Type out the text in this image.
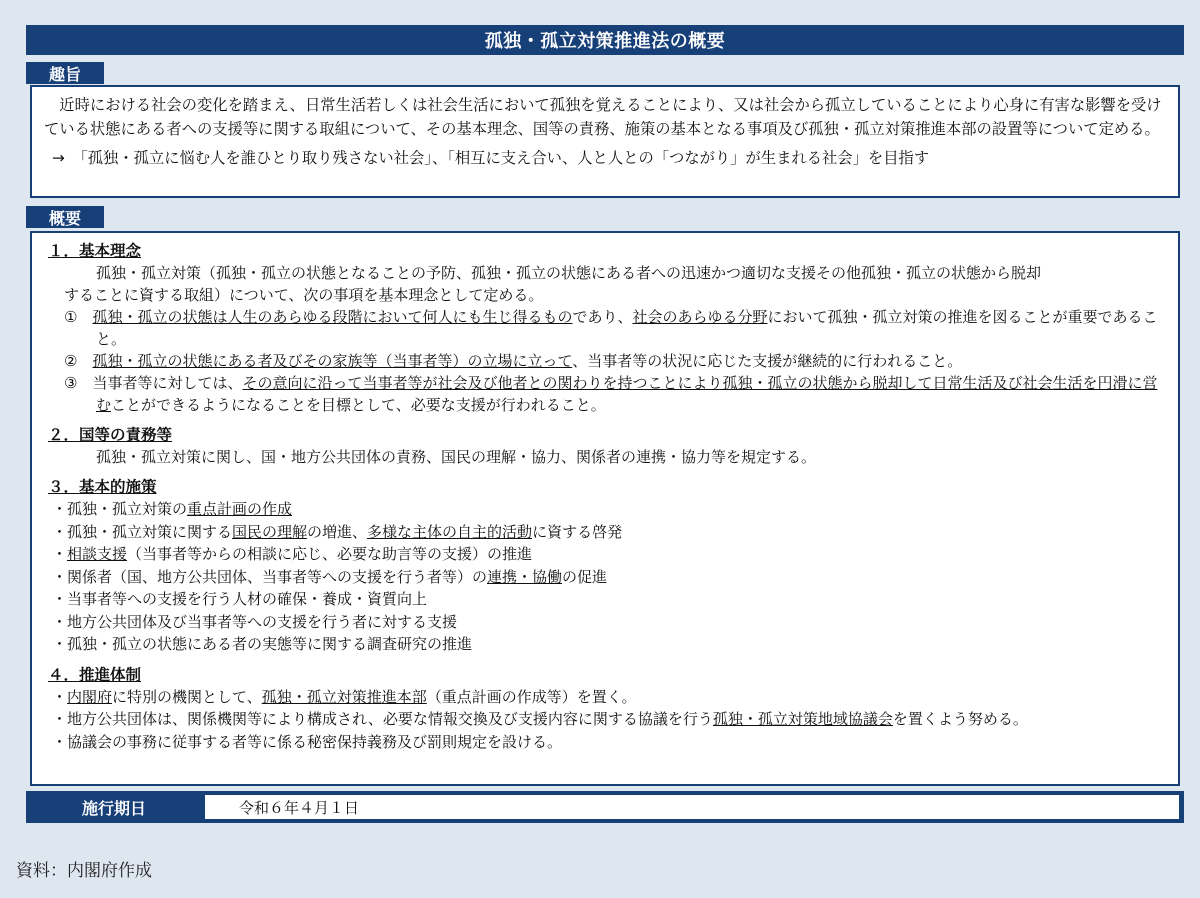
孤独・孤立対策推進法の概要
趣旨

　近時における社会の変化を踏まえ、日常生活若しくは社会生活において孤独を覚えることにより、又は社会から孤立していることにより心身に有害な影響を受けている状態にある者への支援等に関する取組について、その基本理念、国等の責務、施策の基本となる事項及び孤独・孤立対策推進本部の設置等について定める。

→　「孤独・孤立に悩む人を誰ひとり取り残さない社会」、「相互に支え合い、人と人との「つながり」が生まれる社会」を目指す

概要
１．基本理念
孤独・孤立対策（孤独・孤立の状態となることの予防、孤独・孤立の状態にある者への迅速かつ適切な支援その他孤独・孤立の状態から脱却
することに資する取組）について、次の事項を基本理念として定める。
①　 孤独・孤立の状態は人生のあらゆる段階において何人にも生じ得るものであり、社会のあらゆる分野において孤独・孤立対策の推進を図ることが重要であること。
②　 孤独・孤立の状態にある者及びその家族等（当事者等）の立場に立って、当事者等の状況に応じた支援が継続的に行われること。
③　 当事者等に対しては、その意向に沿って当事者等が社会及び他者との関わりを持つことにより孤独・孤立の状態から脱却して日常生活及び社会生活を円滑に営むことができるようになることを目標として、必要な支援が行われること。
２．国等の責務等
孤独・孤立対策に関し、国・地方公共団体の責務、国民の理解・協力、関係者の連携・協力等を規定する。
３．基本的施策
・孤独・孤立対策の重点計画の作成
・孤独・孤立対策に関する国民の理解の増進、多様な主体の自主的活動に資する啓発
・相談支援（当事者等からの相談に応じ、必要な助言等の支援）の推進
・関係者（国、地方公共団体、当事者等への支援を行う者等）の連携・協働の促進
・当事者等への支援を行う人材の確保・養成・資質向上
・地方公共団体及び当事者等への支援を行う者に対する支援
・孤独・孤立の状態にある者の実態等に関する調査研究の推進
４．推進体制
・内閣府に特別の機関として、孤独・孤立対策推進本部（重点計画の作成等）を置く。
・地方公共団体は、関係機関等により構成され、必要な情報交換及び支援内容に関する協議を行う孤独・孤立対策地域協議会を置くよう努める。
・協議会の事務に従事する者等に係る秘密保持義務及び罰則規定を設ける。
施行期日	令和６年４月１日
資料：内閣府作成
